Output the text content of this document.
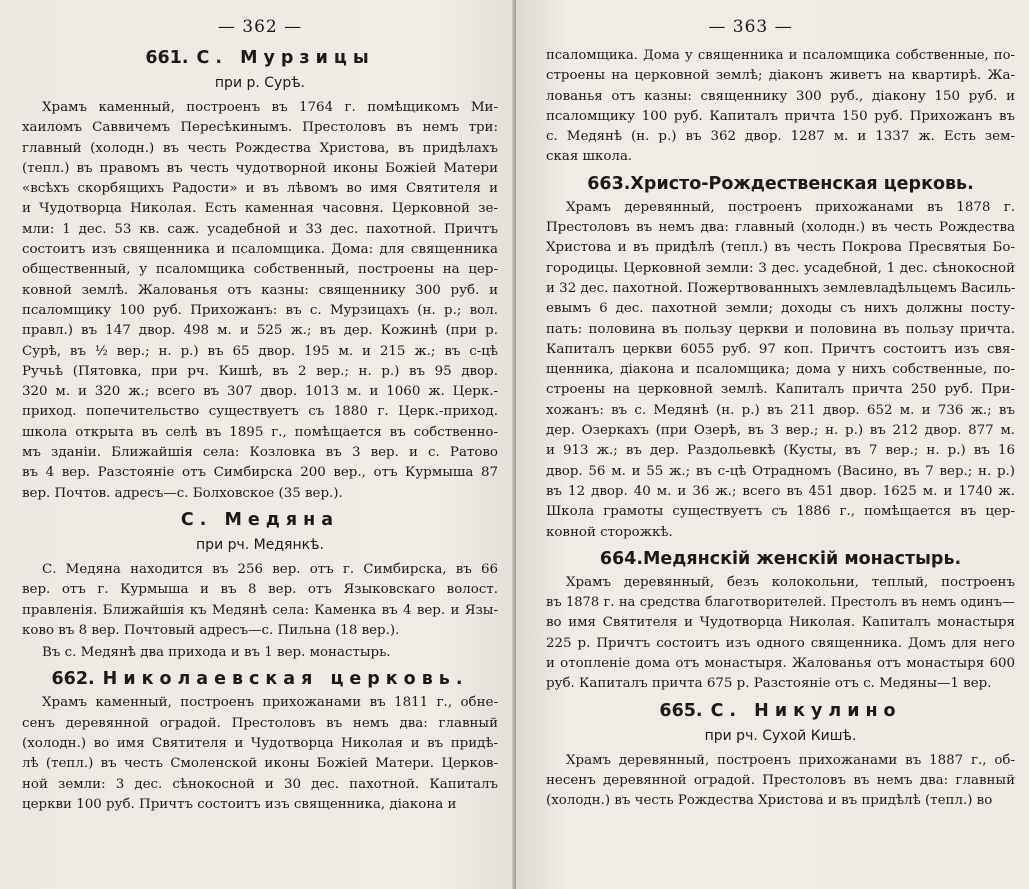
— 362 —
661. С. Мурзицы
при р. Сурѣ.
Храмъ каменный, построенъ въ 1764 г. помѣщикомъ Ми-
хаиломъ Саввичемъ Пересѣкинымъ. Престоловъ въ немъ три:
главный (холодн.) въ честь Рождества Христова, въ придѣлахъ
(тепл.) въ правомъ въ честь чудотворной иконы Божіей Матери
«всѣхъ скорбящихъ Радости» и въ лѣвомъ во имя Святителя и
и Чудотворца Николая. Есть каменная часовня. Церковной зе-
мли: 1 дес. 53 кв. саж. усадебной и 33 дес. пахотной. Причтъ
состоитъ изъ священника и псаломщика. Дома: для священника
общественный, у псаломщика собственный, построены на цер-
ковной землѣ. Жалованья отъ казны: священнику 300 руб. и
псаломщику 100 руб. Прихожанъ: въ с. Мурзицахъ (н. р.; вол.
правл.) въ 147 двор. 498 м. и 525 ж.; въ дер. Кожинѣ (при р.
Сурѣ, въ ½ вер.; н. р.) въ 65 двор. 195 м. и 215 ж.; въ с-цѣ
Ручьѣ (Пятовка, при рч. Кишѣ, въ 2 вер.; н. р.) въ 95 двор.
320 м. и 320 ж.; всего въ 307 двор. 1013 м. и 1060 ж. Церк.-
приход. попечительство существуетъ съ 1880 г. Церк.-приход.
школа открыта въ селѣ въ 1895 г., помѣщается въ собственно-
мъ зданіи. Ближайшія села: Козловка въ 3 вер. и с. Ратово
въ 4 вер. Разстояніе отъ Симбирска 200 вер., отъ Курмыша 87
вер. Почтов. адресъ—с. Болховское (35 вер.).
С. Медяна
при рч. Медянкѣ.
С. Медяна находится въ 256 вер. отъ г. Симбирска, въ 66
вер. отъ г. Курмыша и въ 8 вер. отъ Языковскаго волост.
правленія. Ближайшія къ Медянѣ села: Каменка въ 4 вер. и Язы-
ково въ 8 вер. Почтовый адресъ—с. Пильна (18 вер.).
Въ с. Медянѣ два прихода и въ 1 вер. монастырь.
662. Николаевская церковь.
Храмъ каменный, построенъ прихожанами въ 1811 г., обне-
сенъ деревянной оградой. Престоловъ въ немъ два: главный
(холодн.) во имя Святителя и Чудотворца Николая и въ придѣ-
лѣ (тепл.) въ честь Смоленской иконы Божіей Матери. Церков-
ной земли: 3 дес. сѣнокосной и 30 дес. пахотной. Капиталъ
церкви 100 руб. Причтъ состоитъ изъ священника, діакона и
— 363 —
псаломщика. Дома у священника и псаломщика собственные, по-
строены на церковной землѣ; діаконъ живетъ на квартирѣ. Жа-
лованья отъ казны: священнику 300 руб., діакону 150 руб. и
псаломщику 100 руб. Капиталъ причта 150 руб. Прихожанъ въ
с. Медянѣ (н. р.) въ 362 двор. 1287 м. и 1337 ж. Есть зем-
ская школа.
663.Христо-Рождественская церковь.
Храмъ деревянный, построенъ прихожанами въ 1878 г.
Престоловъ въ немъ два: главный (холодн.) въ честь Рождества
Христова и въ придѣлѣ (тепл.) въ честь Покрова Пресвятыя Бо-
городицы. Церковной земли: 3 дес. усадебной, 1 дес. сѣнокосной
и 32 дес. пахотной. Пожертвованныхъ землевладѣльцемъ Василь-
евымъ 6 дес. пахотной земли; доходы съ нихъ должны посту-
пать: половина въ пользу церкви и половина въ пользу причта.
Капиталъ церкви 6055 руб. 97 коп. Причтъ состоитъ изъ свя-
щенника, діакона и псаломщика; дома у нихъ собственные, по-
строены на церковной землѣ. Капиталъ причта 250 руб. При-
хожанъ: въ с. Медянѣ (н. р.) въ 211 двор. 652 м. и 736 ж.; въ
дер. Озеркахъ (при Озерѣ, въ 3 вер.; н. р.) въ 212 двор. 877 м.
и 913 ж.; въ дер. Раздольевкѣ (Кусты, въ 7 вер.; н. р.) въ 16
двор. 56 м. и 55 ж.; въ с-цѣ Отрадномъ (Васино, въ 7 вер.; н. р.)
въ 12 двор. 40 м. и 36 ж.; всего въ 451 двор. 1625 м. и 1740 ж.
Школа грамоты существуетъ съ 1886 г., помѣщается въ цер-
ковной сторожкѣ.
664.Медянскій женскій монастырь.
Храмъ деревянный, безъ колокольни, теплый, построенъ
въ 1878 г. на средства благотворителей. Престолъ въ немъ одинъ—
во имя Святителя и Чудотворца Николая. Капиталъ монастыря
225 р. Причтъ состоитъ изъ одного священника. Домъ для него
и отопленіе дома отъ монастыря. Жалованья отъ монастыря 600
руб. Капиталъ причта 675 р. Разстояніе отъ с. Медяны—1 вер.
665. С. Никулино
при рч. Сухой Кишѣ.
Храмъ деревянный, построенъ прихожанами въ 1887 г., об-
несенъ деревянной оградой. Престоловъ въ немъ два: главный
(холодн.) въ честь Рождества Христова и въ придѣлѣ (тепл.) во
